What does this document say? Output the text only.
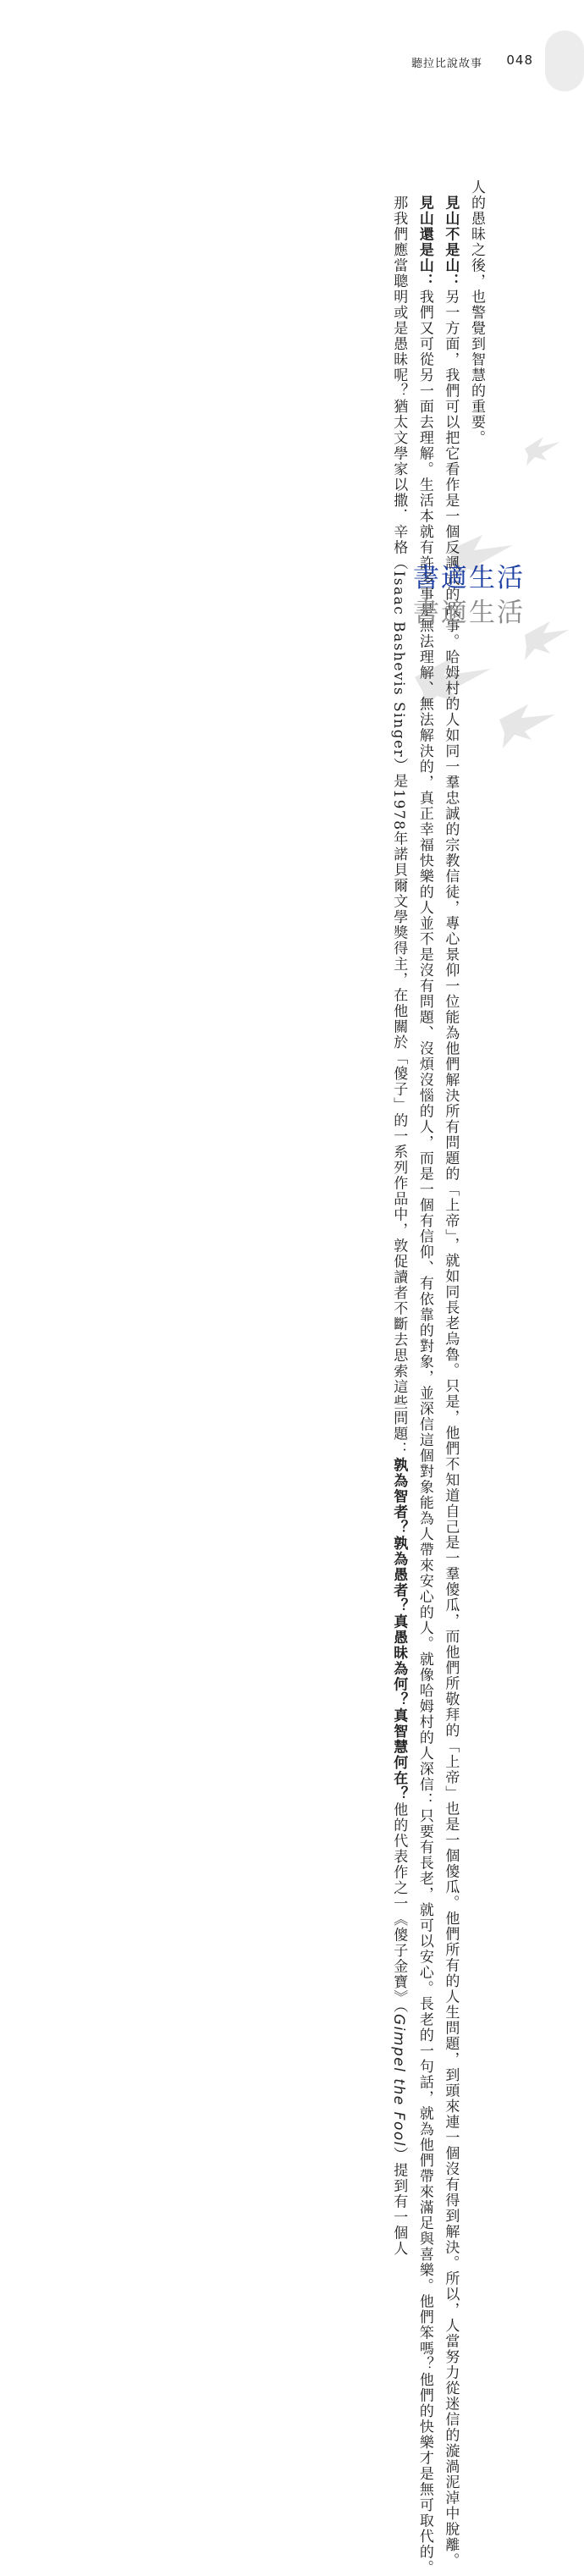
聽拉比說故事 048

人的愚昧之後，也警覺到智慧的重要。

　見山不是山：另一方面，我們可以把它看作是一個反諷式的故事。哈姆村的人如同一羣忠誠的宗教信徒，專心景仰一位能為他們解決所有問題的「上帝」，就如同長老烏魯。只是，他們不知道自己是一羣傻瓜，而他們所敬拜的「上帝」也是一個傻瓜。他們所有的人生問題，到頭來連一個沒有得到解決。所以，人當努力從迷信的漩渦泥淖中脫離。

　見山還是山：我們又可從另一面去理解。生活本就有許多事是無法理解、無法解決的，真正幸福快樂的人並不是沒有問題、沒煩沒惱的人，而是一個有信仰、有依靠的對象，並深信這個對象能為人帶來安心的人。就像哈姆村的人深信：只要有長老，就可以安心。長老的一句話，就為他們帶來滿足與喜樂。他們笨嗎？他們的快樂才是無可取代的。

　那我們應當聰明或是愚昧呢？猶太文學家以撒．辛格（Isaac Bashevis Singer）是1978年諾貝爾文學獎得主，在他關於「傻子」的一系列作品中，敦促讀者不斷去思索這些問題：孰為智者？孰為愚者？真愚昧為何？真智慧何在？他的代表作之一《傻子金寶》（Gimpel the Fool）提到有一個人

書適生活
書適生活
